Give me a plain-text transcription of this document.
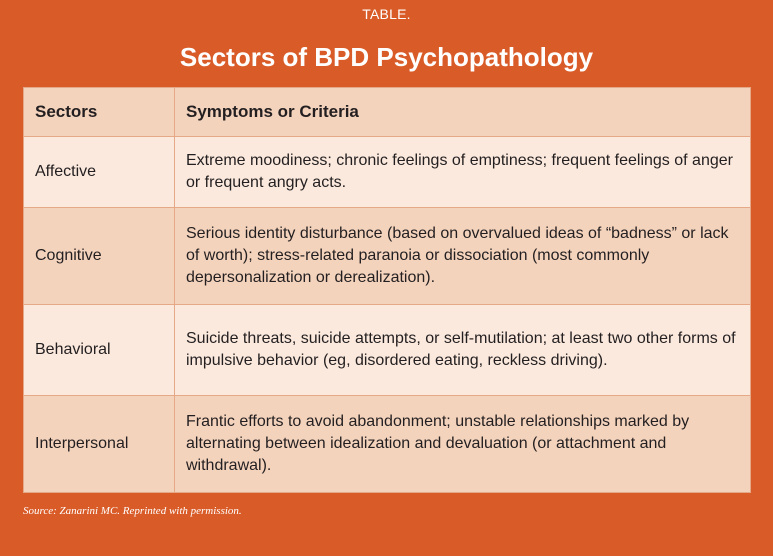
TABLE.
Sectors of BPD Psychopathology
Sectors	Symptoms or Criteria
Affective	Extreme moodiness; chronic feelings of emptiness; frequent feelings of anger or frequent angry acts.
Cognitive	Serious identity disturbance (based on overvalued ideas of “badness” or lack of worth); stress-related paranoia or dissociation (most commonly depersonalization or derealization).
Behavioral	Suicide threats, suicide attempts, or self-mutilation; at least two other forms of impulsive behavior (eg, disordered eating, reckless driving).
Interpersonal	Frantic efforts to avoid abandonment; unstable relationships marked by alternating between idealization and devaluation (or attachment and withdrawal).
Source: Zanarini MC. Reprinted with permission.
